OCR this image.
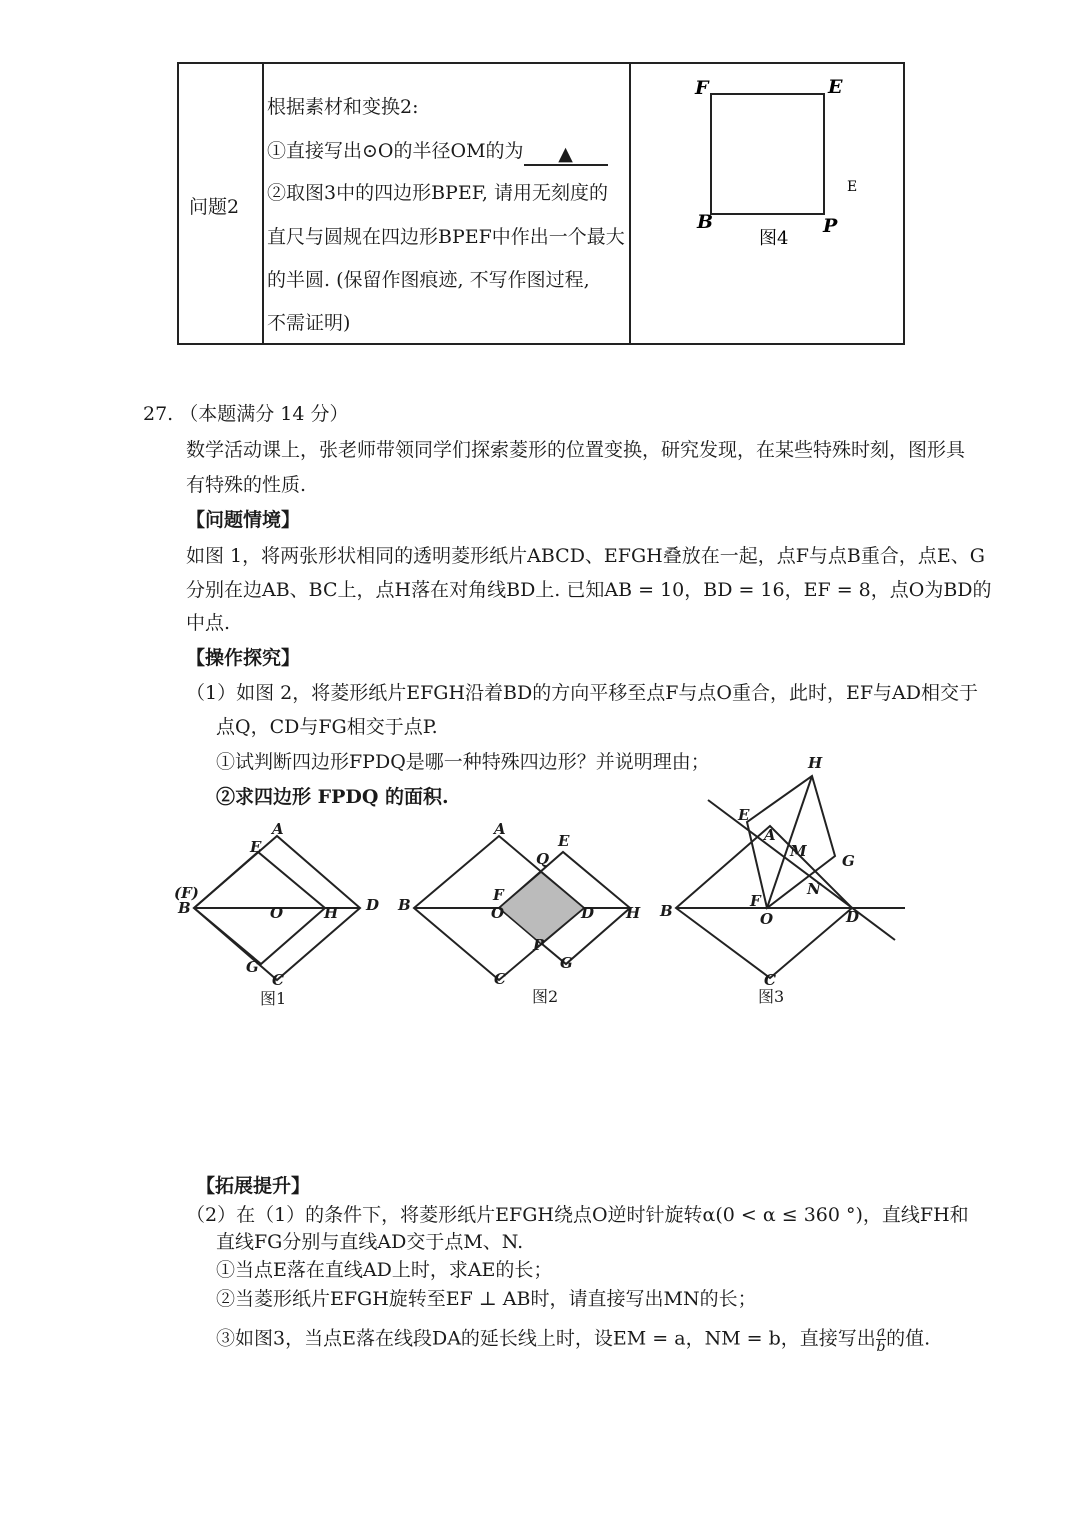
问题2
根据素材和变换2:
①直接写出⊙O的半径OM的为 ▲
②取图3中的四边形BPEF, 请用无刻度的
直尺与圆规在四边形BPEF中作出一个最大
的半圆. (保留作图痕迹, 不写作图过程,
不需证明)
F	E
B	P
E
图4
27. （本题满分 14 分）
数学活动课上，张老师带领同学们探索菱形的位置变换，研究发现，在某些特殊时刻，图形具
有特殊的性质.
【问题情境】
如图 1，将两张形状相同的透明菱形纸片ABCD、EFGH叠放在一起，点F与点B重合，点E、G
分别在边AB、BC上，点H落在对角线BD上. 已知AB = 10，BD = 16，EF = 8，点O为BD的
中点.
【操作探究】
（1）如图 2，将菱形纸片EFGH沿着BD的方向平移至点F与点O重合，此时，EF与AD相交于
点Q，CD与FG相交于点P.
①试判断四边形FPDQ是哪一种特殊四边形？并说明理由；
②求四边形 FPDQ 的面积.
A
E
(F)
B	O	H D
G
C
A
E
Q
B
F
O	D H
P
G
C
H
E
A
M
G
N
B
F
O	D
C
图1	图2	图3
【拓展提升】
（2）在（1）的条件下，将菱形纸片EFGH绕点O逆时针旋转α(0 < α ≤ 360 °)，直线FH和
直线FG分别与直线AD交于点M、N.
①当点E落在直线AD上时，求AE的长；
②当菱形纸片EFGH旋转至EF ⊥ AB时，请直接写出MN的长；
③如图3，当点E落在线段DA的延长线上时，设EM = a，NM = b，直接写出 $\frac{a}{b}$ 的值.
